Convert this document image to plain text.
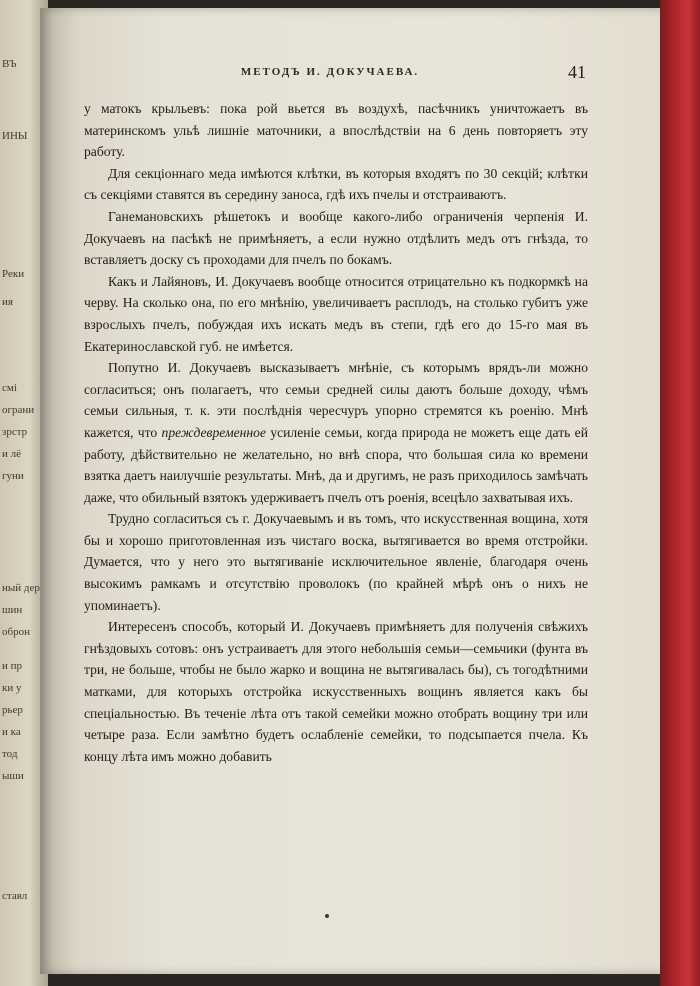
ВЪ
ИНЫ
Реки
ия
смі
ограни
зрстр
и лё
гуни
ный дер
шин
оброн
и пр
ки у
рьер
и ка
тод
ыши
ставл
МЕТОДЪ И. ДОКУЧАЕВА.	41

у матокъ крыльевъ: пока рой вьется въ воздухѣ, пасѣчникъ уничтожаетъ въ материнскомъ ульѣ лишніе маточники, а впослѣдствіи на 6 день повторяетъ эту работу.

Для секціоннаго меда имѣются клѣтки, въ которыя входятъ по 30 секцій; клѣтки съ секціями ставятся въ середину заноса, гдѣ ихъ пчелы и отстраиваютъ.

Ганемановскихъ рѣшетокъ и вообще какого-либо ограниченія черпенія И. Докучаевъ на пасѣкѣ не примѣняетъ, а если нужно отдѣлить медъ отъ гнѣзда, то вставляетъ доску съ проходами для пчелъ по бокамъ.

Какъ и Лайяновъ, И. Докучаевъ вообще относится отрицательно къ подкормкѣ на черву. На сколько она, по его мнѣнію, увеличиваетъ расплодъ, на столько губитъ уже взрослыхъ пчелъ, побуждая ихъ искать медъ въ степи, гдѣ его до 15-го мая въ Екатеринославской губ. не имѣется.

Попутно И. Докучаевъ высказываетъ мнѣніе, съ которымъ врядъ-ли можно согласиться; онъ полагаетъ, что семьи средней силы даютъ больше доходу, чѣмъ семьи сильныя, т. к. эти послѣднія чересчуръ упорно стремятся къ роенію. Мнѣ кажется, что преждевременное усиленіе семьи, когда природа не можетъ еще дать ей работу, дѣйствительно не желательно, но внѣ спора, что большая сила ко времени взятка даетъ наилучшіе результаты. Мнѣ, да и другимъ, не разъ приходилось замѣчать даже, что обильный взятокъ удерживаетъ пчелъ отъ роенія, всецѣло захватывая ихъ.

Трудно согласиться съ г. Докучаевымъ и въ томъ, что искусственная вощина, хотя бы и хорошо приготовленная изъ чистаго воска, вытягивается во время отстройки. Думается, что у него это вытягиваніе исключительное явленіе, благодаря очень высокимъ рамкамъ и отсутствію проволокъ (по крайней мѣрѣ онъ о нихъ не упоминаетъ).

Интересенъ способъ, который И. Докучаевъ примѣняетъ для полученія свѣжихъ гнѣздовыхъ сотовъ: онъ устраиваетъ для этого небольшія семьи—семьчики (фунта въ три, не больше, чтобы не было жарко и вощина не вытягивалась бы), съ тогодѣтними матками, для которыхъ отстройка искусственныхъ вощинъ является какъ бы спеціальностью. Въ теченіе лѣта отъ такой семейки можно отобрать вощину три или четыре раза. Если замѣтно будетъ ослабленіе семейки, то подсыпается пчела. Къ концу лѣта имъ можно добавить
